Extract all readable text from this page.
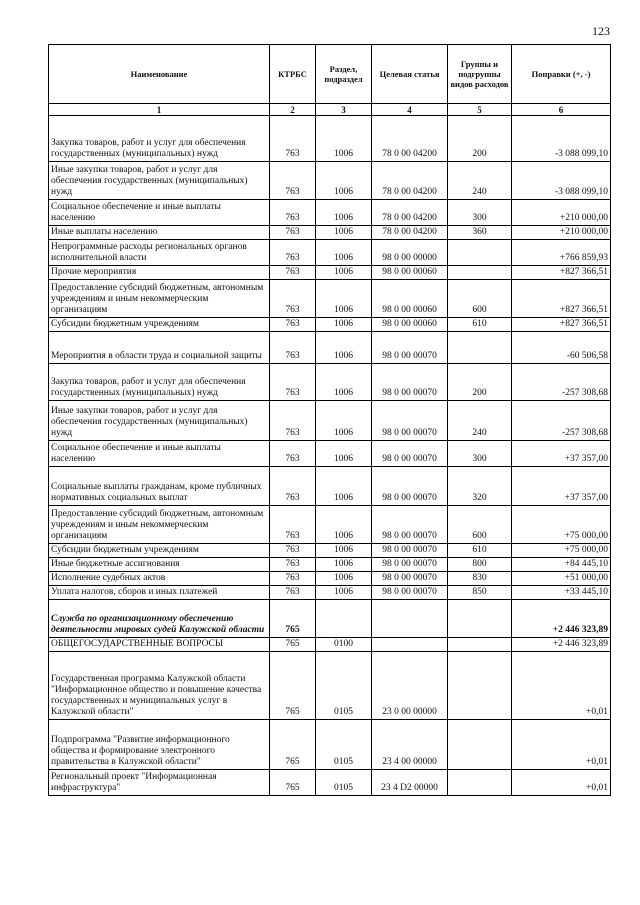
123
Наименование	КТРБС	Раздел, подраздел	Целевая статья	Группы и подгруппы видов расходов	Поправки (+, -)
1	2	3	4	5	6
Закупка товаров, работ и услуг для обеспечения государственных (муниципальных) нужд	763	1006	78 0 00 04200	200	-3 088 099,10
Иные закупки товаров, работ и услуг для обеспечения государственных (муниципальных) нужд	763	1006	78 0 00 04200	240	-3 088 099,10
Социальное обеспечение и иные выплаты населению	763	1006	78 0 00 04200	300	+210 000,00
Иные выплаты населению	763	1006	78 0 00 04200	360	+210 000,00
Непрограммные расходы региональных органов исполнительной власти	763	1006	98 0 00 00000		+766 859,93
Прочие мероприятия	763	1006	98 0 00 00060		+827 366,51
Предоставление субсидий бюджетным, автономным учреждениям и иным некоммерческим организациям	763	1006	98 0 00 00060	600	+827 366,51
Субсидии бюджетным учреждениям	763	1006	98 0 00 00060	610	+827 366,51
Мероприятия в области труда и социальной защиты	763	1006	98 0 00 00070		-60 506,58
Закупка товаров, работ и услуг для обеспечения государственных (муниципальных) нужд	763	1006	98 0 00 00070	200	-257 308,68
Иные закупки товаров, работ и услуг для обеспечения государственных (муниципальных) нужд	763	1006	98 0 00 00070	240	-257 308,68
Социальное обеспечение и иные выплаты населению	763	1006	98 0 00 00070	300	+37 357,00
Социальные выплаты гражданам, кроме публичных нормативных социальных выплат	763	1006	98 0 00 00070	320	+37 357,00
Предоставление субсидий бюджетным, автономным учреждениям и иным некоммерческим организациям	763	1006	98 0 00 00070	600	+75 000,00
Субсидии бюджетным учреждениям	763	1006	98 0 00 00070	610	+75 000,00
Иные бюджетные ассигнования	763	1006	98 0 00 00070	800	+84 445,10
Исполнение судебных актов	763	1006	98 0 00 00070	830	+51 000,00
Уплата налогов, сборов и иных платежей	763	1006	98 0 00 00070	850	+33 445,10
Служба по организационному обеспечению деятельности мировых судей Калужской области	765				+2 446 323,89
ОБЩЕГОСУДАРСТВЕННЫЕ ВОПРОСЫ	765	0100			+2 446 323,89
Государственная программа Калужской области "Информационное общество и повышение качества государственных и муниципальных услуг в Калужской области"	765	0105	23 0 00 00000		+0,01
Подпрограмма "Развитие информационного общества и формирование электронного правительства в Калужской области"	765	0105	23 4 00 00000		+0,01
Региональный проект "Информационная инфраструктура"	765	0105	23 4 D2 00000		+0,01
